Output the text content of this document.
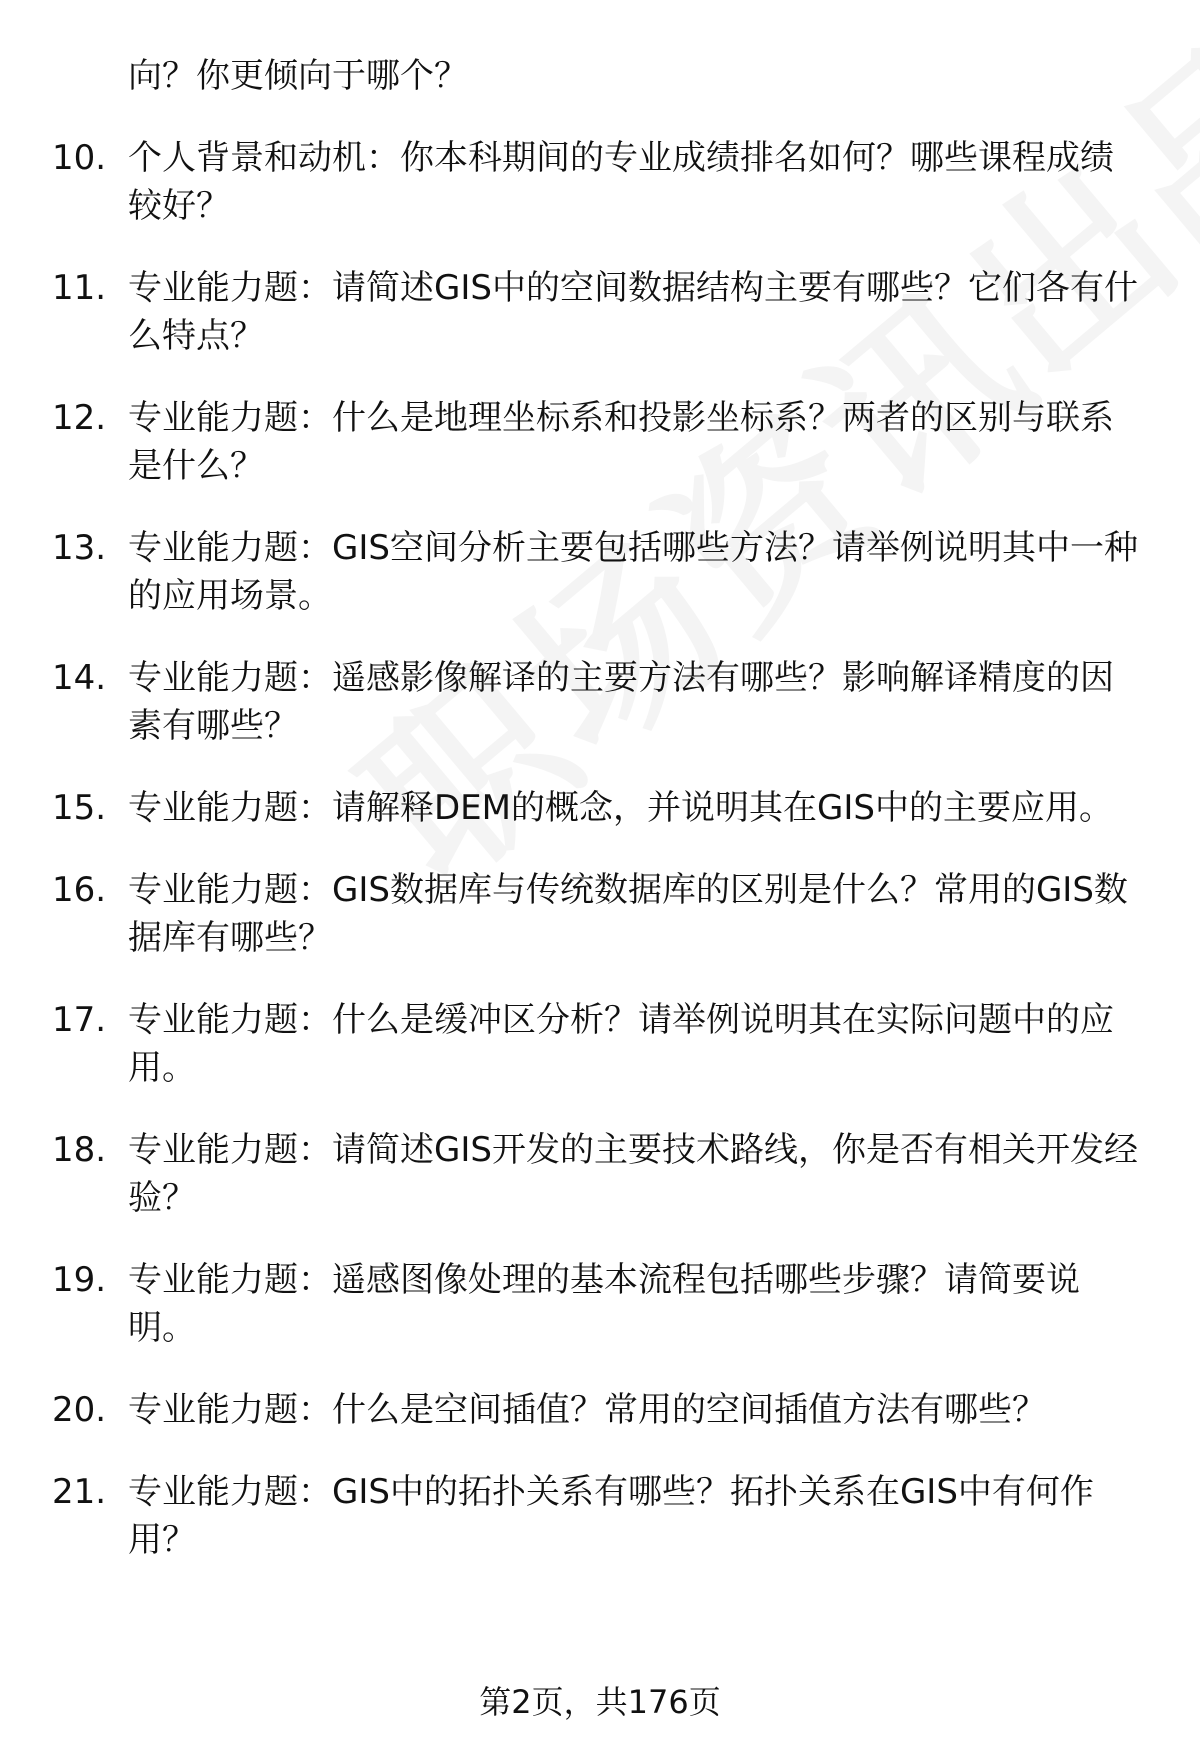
向？你更倾向于哪个？
10. 个人背景和动机：你本科期间的专业成绩排名如何？哪些课程成绩较好？
11. 专业能力题：请简述GIS中的空间数据结构主要有哪些？它们各有什么特点？
12. 专业能力题：什么是地理坐标系和投影坐标系？两者的区别与联系是什么？
13. 专业能力题：GIS空间分析主要包括哪些方法？请举例说明其中一种的应用场景。
14. 专业能力题：遥感影像解译的主要方法有哪些？影响解译精度的因素有哪些？
15. 专业能力题：请解释DEM的概念，并说明其在GIS中的主要应用。
16. 专业能力题：GIS数据库与传统数据库的区别是什么？常用的GIS数据库有哪些？
17. 专业能力题：什么是缓冲区分析？请举例说明其在实际问题中的应用。
18. 专业能力题：请简述GIS开发的主要技术路线，你是否有相关开发经验？
19. 专业能力题：遥感图像处理的基本流程包括哪些步骤？请简要说明。
20. 专业能力题：什么是空间插值？常用的空间插值方法有哪些？
21. 专业能力题：GIS中的拓扑关系有哪些？拓扑关系在GIS中有何作用？
第2页，共176页
